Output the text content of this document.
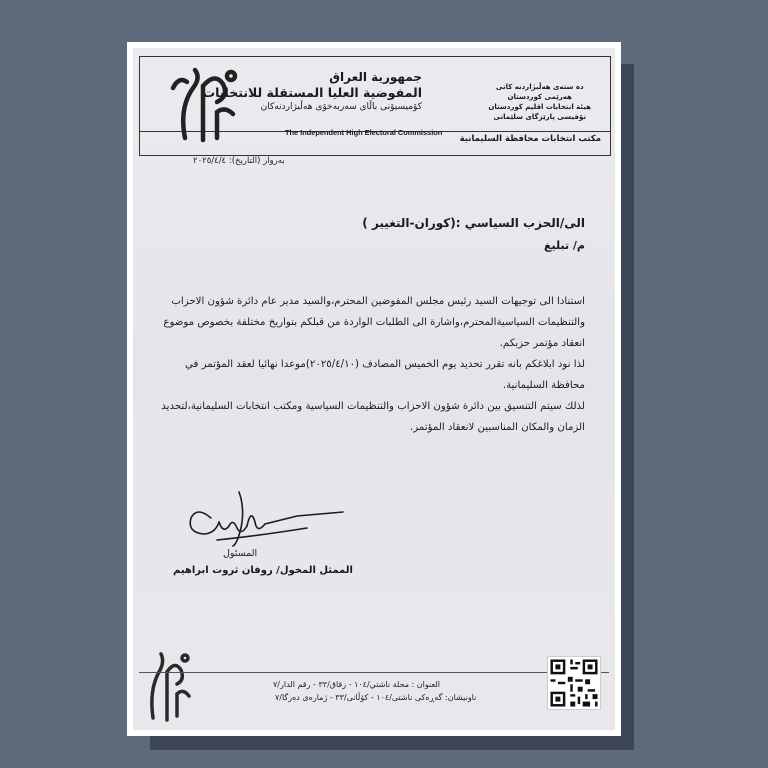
جمهورية العراق
المفوضية العليا المستقلة للانتخابات
كۆميسيۆنى باڵاى سەربەخۆى هەڵبژاردنەكان
The Independent High Electoral Commission
دە ستەى هەڵبژاردنە كانى
هەرێمى كوردستان
هيئة انتخابات اقليم كوردستان
نۆفیسى پارێزگای سلێمانى
مكتب انتخابات محافظة السليمانية
بەروار (التاريخ): ٢٠٢٥/٤/٤
الى/الحزب السياسي :(كوران-التغيير )
م/ تبليغ

استنادا الى توجيهات السيد رئيس مجلس المفوضين المحترم،والسيد مدير عام دائرة شؤون الاحزاب والتنظيمات السياسيةالمحترم،واشارة الى الطلبات الواردة من قبلكم بتواريخ مختلفة بخصوص موضوع انعقاد مؤتمر حزبكم.

لذا نود ابلاغكم بانه تقرر تحديد يوم الخميس المصادف (٢٠٢٥/٤/١٠)موعدا نهائيا لعقد المؤتمر في محافظة السليمانية.

لذلك سيتم التنسيق بين دائرة شؤون الاحزاب والتنظيمات السياسية ومكتب انتخابات السليمانية،لتحديد الزمان والمكان المناسبين لانعقاد المؤتمر.

المسئول
الممثل المخول/ روفان ثروت ابراهيم
العنوان : محلة ناشتي/١٠٤ - زقاق/٣٣ - رقم الدار/٧
ناونيشان: گەڕەكى ناشتى/١٠٤ - كۆڵانى/٣٣ - ژمارەى دەرگا/٧
